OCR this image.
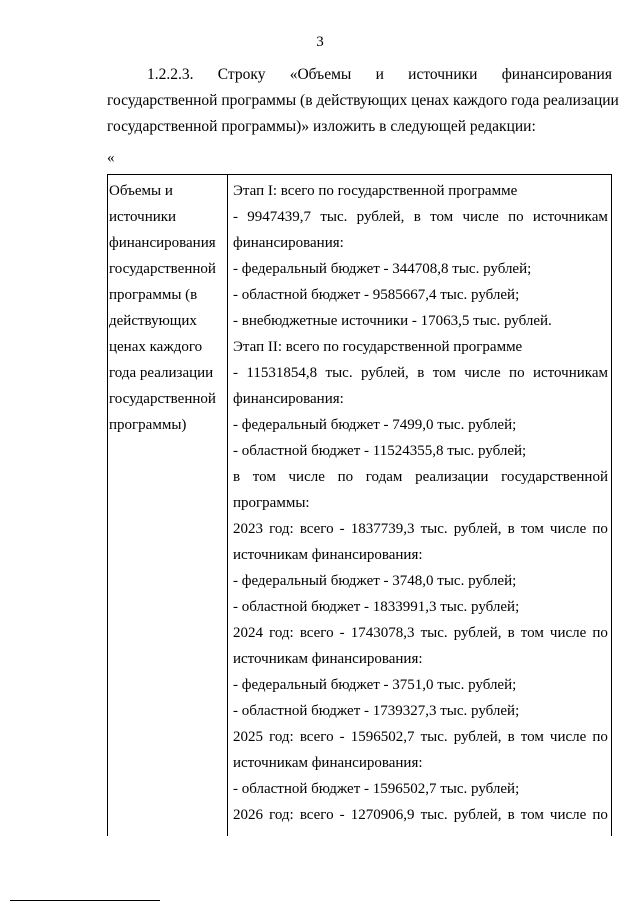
3
1.2.2.3. Строку «Объемы и источники финансирования
государственной программы (в действующих ценах каждого года реализации
государственной программы)» изложить в следующей редакции:
«
Объемы и
источники
финансирования
государственной
программы (в
действующих
ценах каждого
года реализации
государственной
программы)
Этап I: всего по государственной программе
- 9947439,7 тыс. рублей, в том числе по источникам
финансирования:
- федеральный бюджет - 344708,8 тыс. рублей;
- областной бюджет - 9585667,4 тыс. рублей;
- внебюджетные источники - 17063,5 тыс. рублей.
Этап II: всего по государственной программе
- 11531854,8 тыс. рублей, в том числе по источникам
финансирования:
- федеральный бюджет - 7499,0 тыс. рублей;
- областной бюджет - 11524355,8 тыс. рублей;
в том числе по годам реализации государственной
программы:
2023 год: всего - 1837739,3 тыс. рублей, в том числе по
источникам финансирования:
- федеральный бюджет - 3748,0 тыс. рублей;
- областной бюджет - 1833991,3 тыс. рублей;
2024 год: всего - 1743078,3 тыс. рублей, в том числе по
источникам финансирования:
- федеральный бюджет - 3751,0 тыс. рублей;
- областной бюджет - 1739327,3 тыс. рублей;
2025 год: всего - 1596502,7 тыс. рублей, в том числе по
источникам финансирования:
- областной бюджет - 1596502,7 тыс. рублей;
2026 год: всего - 1270906,9 тыс. рублей, в том числе по
